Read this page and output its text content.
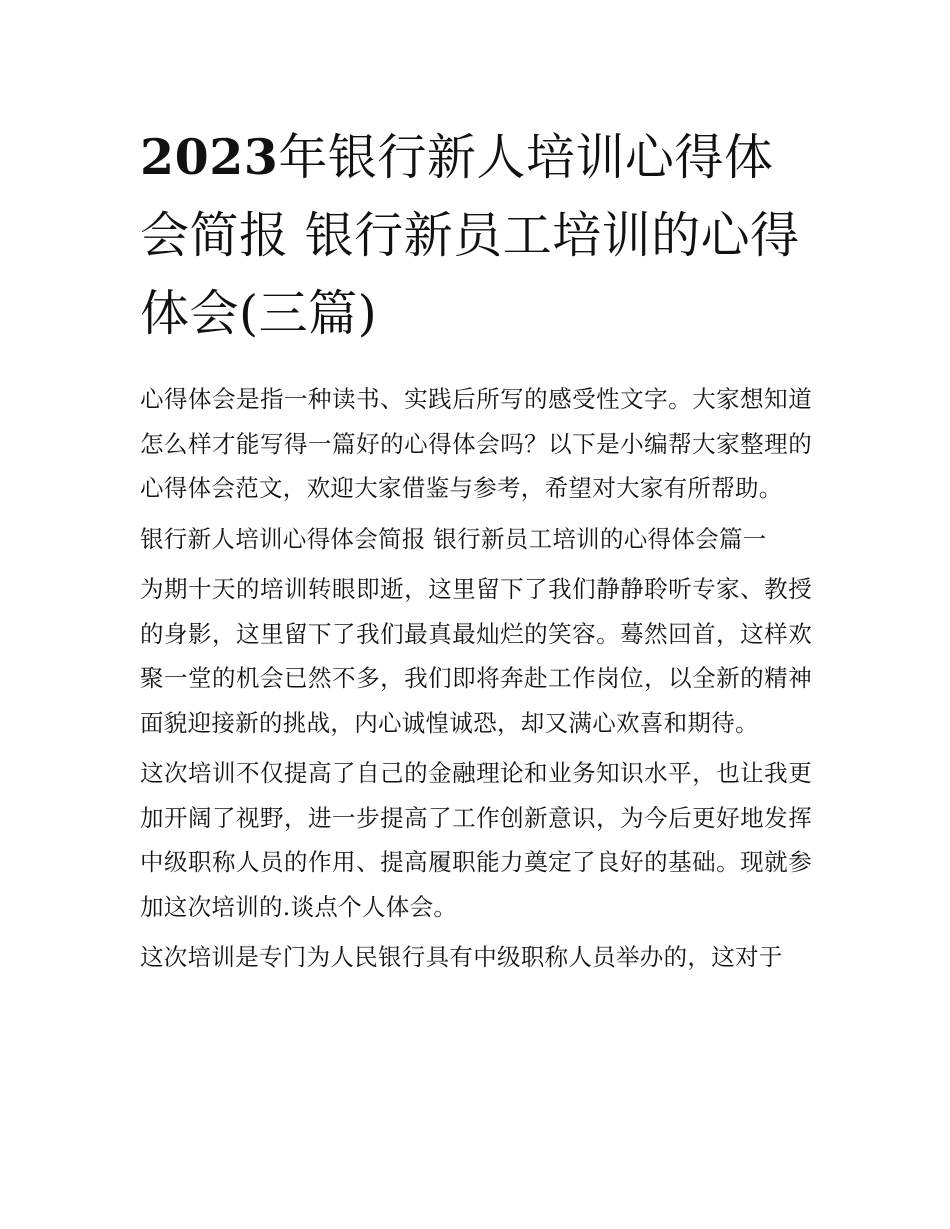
2023年银行新人培训心得体会简报 银行新员工培训的心得体会(三篇)

心得体会是指一种读书、实践后所写的感受性文字。大家想知道怎么样才能写得一篇好的心得体会吗？以下是小编帮大家整理的心得体会范文，欢迎大家借鉴与参考，希望对大家有所帮助。

银行新人培训心得体会简报 银行新员工培训的心得体会篇一

为期十天的培训转眼即逝，这里留下了我们静静聆听专家、教授的身影，这里留下了我们最真最灿烂的笑容。蓦然回首，这样欢聚一堂的机会已然不多，我们即将奔赴工作岗位，以全新的精神面貌迎接新的挑战，内心诚惶诚恐，却又满心欢喜和期待。

这次培训不仅提高了自己的金融理论和业务知识水平，也让我更加开阔了视野，进一步提高了工作创新意识，为今后更好地发挥中级职称人员的作用、提高履职能力奠定了良好的基础。现就参加这次培训的.谈点个人体会。

这次培训是专门为人民银行具有中级职称人员举办的，这对于
